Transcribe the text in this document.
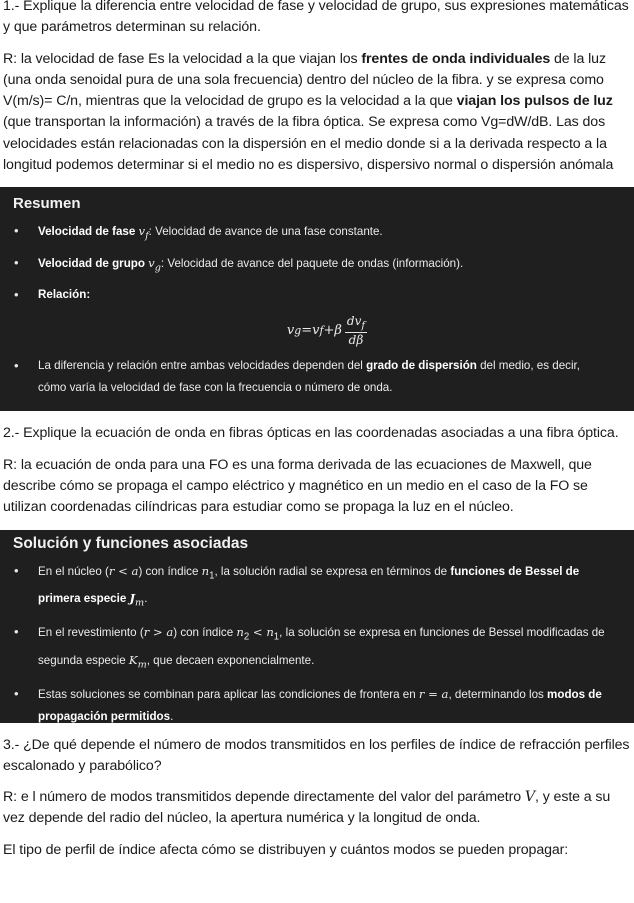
1.- Explique la diferencia entre velocidad de fase y velocidad de grupo, sus expresiones matemáticas y que parámetros determinan su relación.

R: la velocidad de fase Es la velocidad a la que viajan los frentes de onda individuales de la luz (una onda senoidal pura de una sola frecuencia) dentro del núcleo de la fibra. y se expresa como V(m/s)= C/n, mientras que la velocidad de grupo es la velocidad a la que viajan los pulsos de luz (que transportan la información) a través de la fibra óptica. Se expresa como Vg=dW/dB. Las dos velocidades están relacionadas con la dispersión en el medio donde si a la derivada respecto a la longitud podemos determinar si el medio no es dispersivo, dispersivo normal o dispersión anómala

Resumen
• Velocidad de fase $v_f$: Velocidad de avance de una fase constante.
• Velocidad de grupo $v_g$: Velocidad de avance del paquete de ondas (información).
• Relación:
v g = v f + β $\frac{dv_f}{d\beta}$
• La diferencia y relación entre ambas velocidades dependen del grado de dispersión del medio, es decir, cómo varía la velocidad de fase con la frecuencia o número de onda.

2.- Explique la ecuación de onda en fibras ópticas en las coordenadas asociadas a una fibra óptica.

R: la ecuación de onda para una FO es una forma derivada de las ecuaciones de Maxwell, que describe cómo se propaga el campo eléctrico y magnético en un medio en el caso de la FO se utilizan coordenadas cilíndricas para estudiar como se propaga la luz en el núcleo.

Solución y funciones asociadas
• En el núcleo (r < a) con índice $n_1$, la solución radial se expresa en términos de funciones de Bessel de primera especie $J_m$.
• En el revestimiento (r > a) con índice $n_2 < n_1$, la solución se expresa en funciones de Bessel modificadas de segunda especie $K_m$, que decaen exponencialmente.
• Estas soluciones se combinan para aplicar las condiciones de frontera en r = a, determinando los modos de propagación permitidos.

3.- ¿De qué depende el número de modos transmitidos en los perfiles de índice de refracción perfiles escalonado y parabólico?

R: e l número de modos transmitidos depende directamente del valor del parámetro V, y este a su vez depende del radio del núcleo, la apertura numérica y la longitud de onda.

El tipo de perfil de índice afecta cómo se distribuyen y cuántos modos se pueden propagar:
